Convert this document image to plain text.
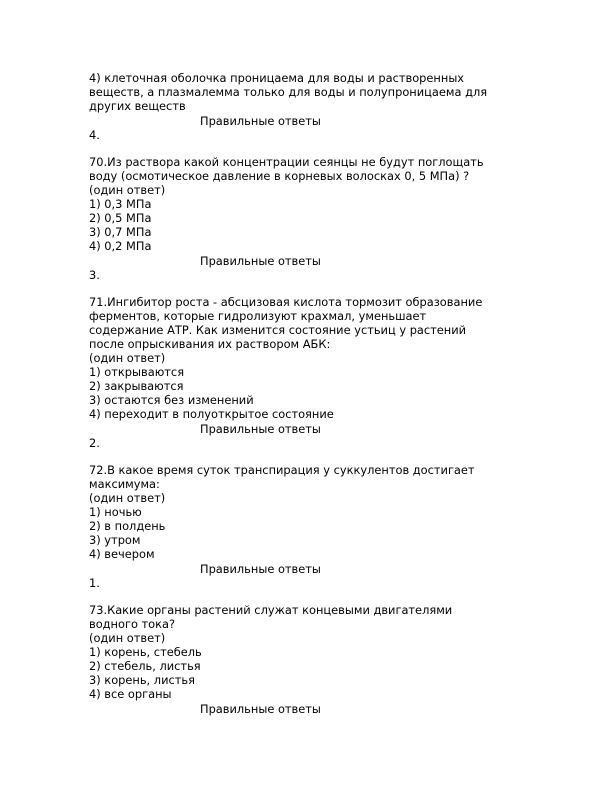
4) клеточная оболочка проницаема для воды и растворенных
веществ, а плазмалемма только для воды и полупроницаема для
других веществ
Правильные ответы
4.
70.Из раствора какой концентрации сеянцы не будут поглощать
воду (осмотическое давление в корневых волосках 0, 5 МПа) ?
(один ответ)
1) 0,3 МПа
2) 0,5 МПа
3) 0,7 МПа
4) 0,2 МПа
Правильные ответы
3.
71.Ингибитор роста - абсцизовая кислота тормозит образование
ферментов, которые гидролизуют крахмал, уменьшает
содержание АТР. Как изменится состояние устьиц у растений
после опрыскивания их раствором АБК:
(один ответ)
1) открываются
2) закрываются
3) остаются без изменений
4) переходит в полуоткрытое состояние
Правильные ответы
2.
72.В какое время суток транспирация у суккулентов достигает
максимума:
(один ответ)
1) ночью
2) в полдень
3) утром
4) вечером
Правильные ответы
1.
73.Какие органы растений служат концевыми двигателями
водного тока?
(один ответ)
1) корень, стебель
2) стебель, листья
3) корень, листья
4) все органы
Правильные ответы
